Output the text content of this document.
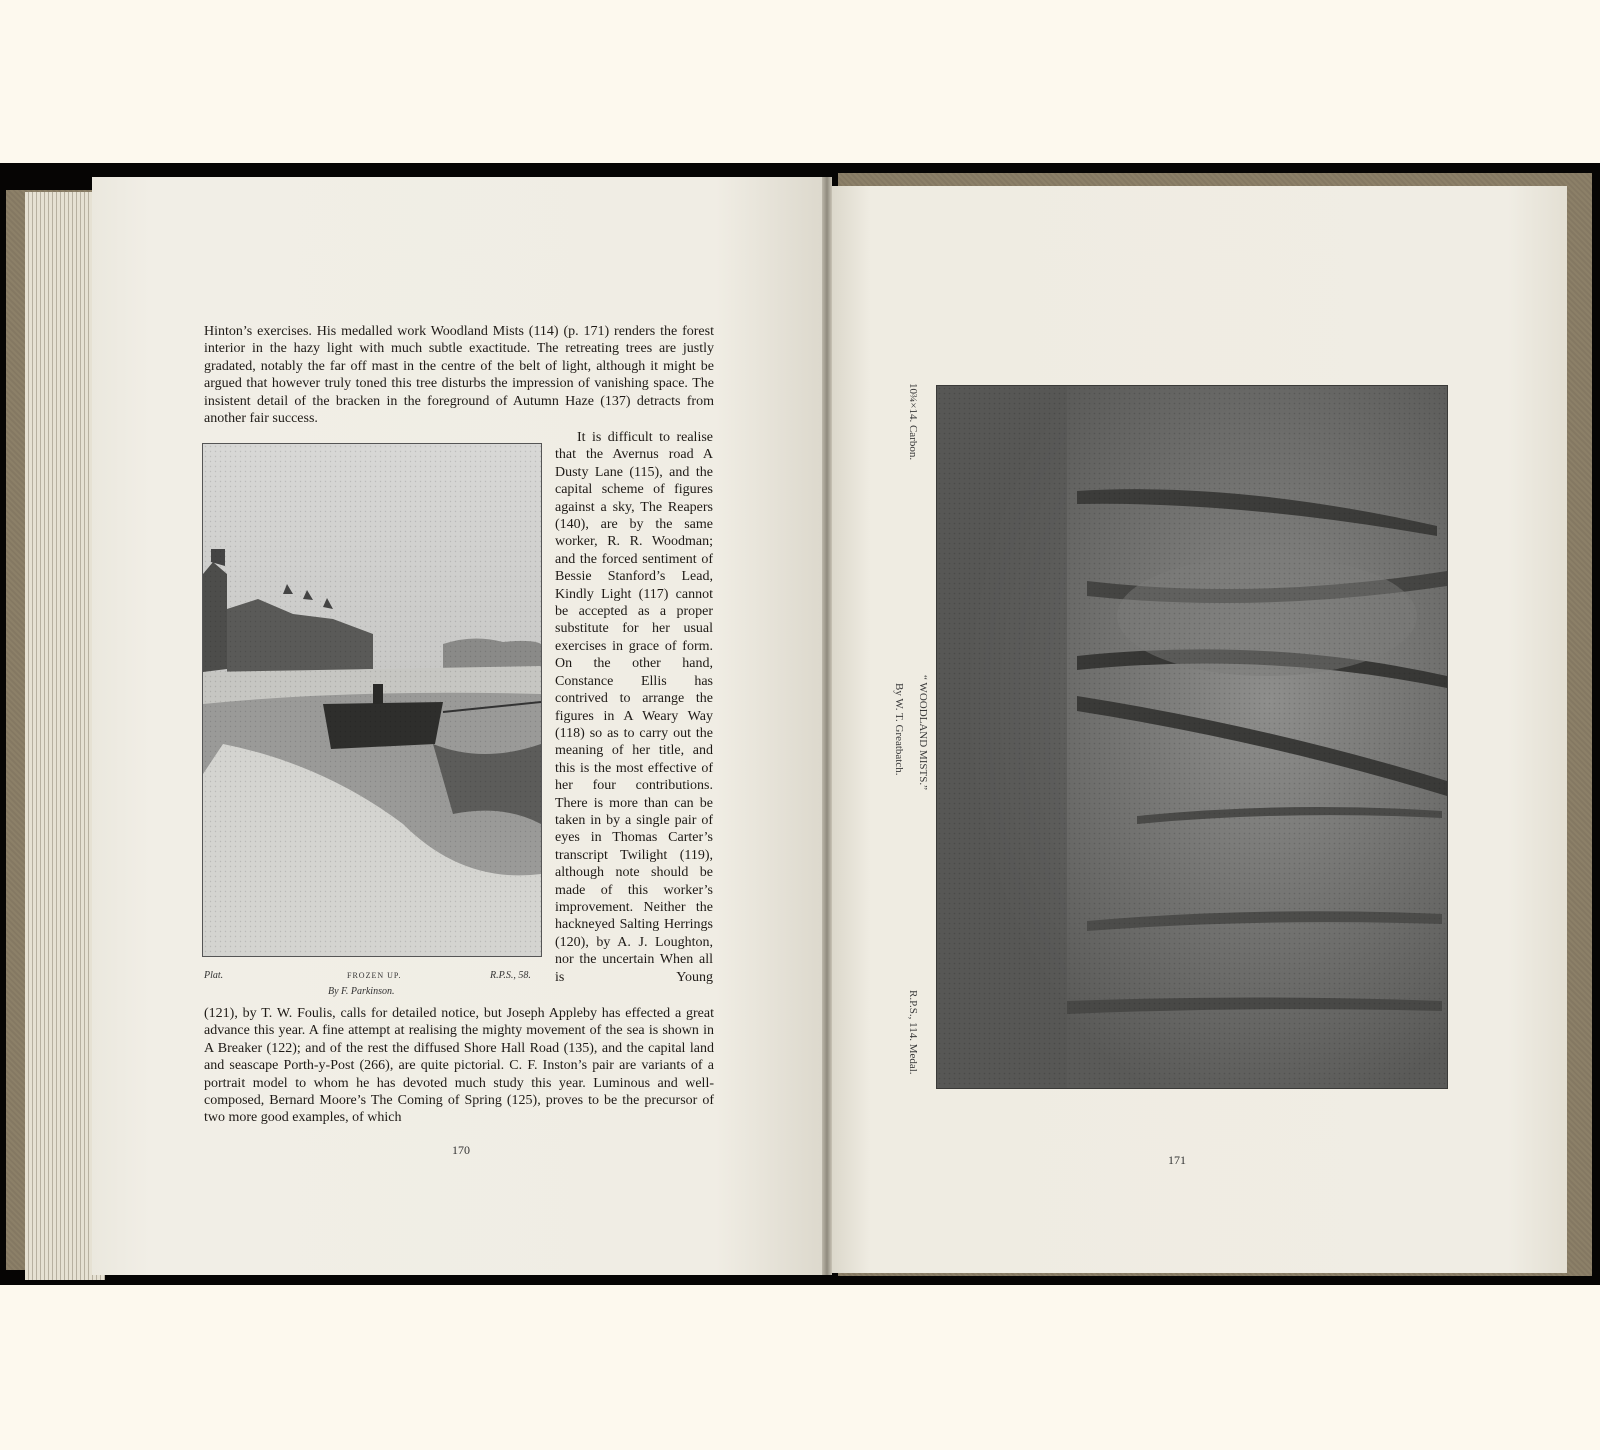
Hinton’s exercises. His medalled work Woodland Mists (114) (p. 171) renders the forest interior in the hazy light with much subtle exactitude. The retreating trees are justly gradated, notably the far off mast in the centre of the belt of light, although it might be argued that however truly toned this tree disturbs the impression of vanishing space. The insistent detail of the bracken in the foreground of Autumn Haze (137) detracts from another fair success.

Plat.	FROZEN UP.	R.P.S., 58.
By F. Parkinson.

It is difficult to realise that the Avernus road A Dusty Lane (115), and the capital scheme of figures against a sky, The Reapers (140), are by the same worker, R. R. Woodman; and the forced sentiment of Bessie Stanford’s Lead, Kindly Light (117) cannot be accepted as a proper substitute for her usual exercises in grace of form. On the other hand, Constance Ellis has contrived to arrange the figures in A Weary Way (118) so as to carry out the meaning of her title, and this is the most effective of her four contributions. There is more than can be taken in by a single pair of eyes in Thomas Carter’s transcript Twilight (119), although note should be made of this worker’s improvement. Neither the hackneyed Salting Herrings (120), by A. J. Loughton, nor the uncertain When all is Young

(121), by T. W. Foulis, calls for detailed notice, but Joseph Appleby has effected a great advance this year. A fine attempt at realising the mighty movement of the sea is shown in A Breaker (122); and of the rest the diffused Shore Hall Road (135), and the capital land and seascape Porth-y-Post (266), are quite pictorial. C. F. Inston’s pair are variants of a portrait model to whom he has devoted much study this year. Luminous and well-composed, Bernard Moore’s The Coming of Spring (125), proves to be the precursor of two more good examples, of which

170
10¾×14. Carbon.
“ WOODLAND MISTS.”
By W. T. Greatbatch.
R.P.S., 114. Medal.
171
